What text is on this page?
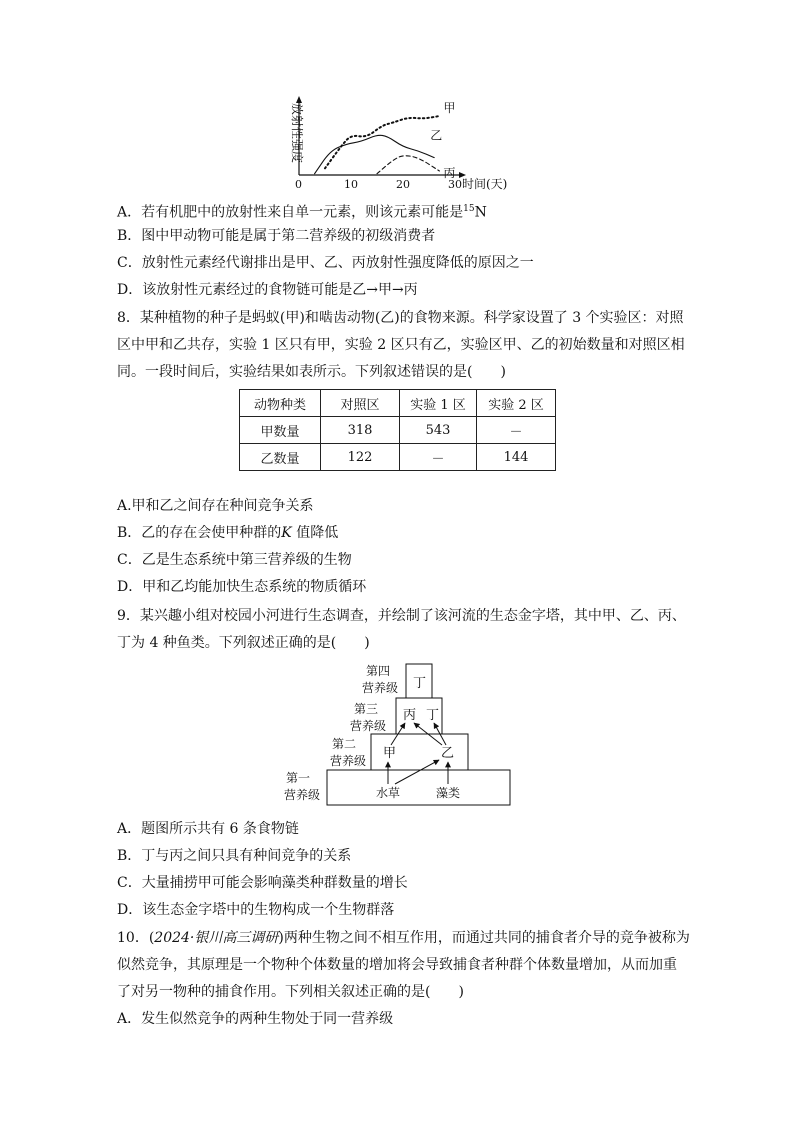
放射性强度
时间(天)
0	10	20	30
甲
乙
丙
A．若有机肥中的放射性来自单一元素，则该元素可能是$^{15}$N
B．图中甲动物可能是属于第二营养级的初级消费者
C．放射性元素经代谢排出是甲、乙、丙放射性强度降低的原因之一
D．该放射性元素经过的食物链可能是乙→甲→丙
8．某种植物的种子是蚂蚁(甲)和啮齿动物(乙)的食物来源。科学家设置了 3 个实验区：对照
区中甲和乙共存，实验 1 区只有甲，实验 2 区只有乙，实验区甲、乙的初始数量和对照区相
同。一段时间后，实验结果如表所示。下列叙述错误的是(　　)
动物种类	对照区	实验 1 区	实验 2 区
甲数量	318	543	－
乙数量	122	－	144
A.甲和乙之间存在种间竞争关系
B．乙的存在会使甲种群的K 值降低
C．乙是生态系统中第三营养级的生物
D．甲和乙均能加快生态系统的物质循环
9．某兴趣小组对校园小河进行生态调查，并绘制了该河流的生态金字塔，其中甲、乙、丙、
丁为 4 种鱼类。下列叙述正确的是(　　)
第四
营养级
第三
营养级
第二
营养级
第一
营养级
丁
丙 丁
甲	乙
水草	藻类
A．题图所示共有 6 条食物链
B．丁与丙之间只具有种间竞争的关系
C．大量捕捞甲可能会影响藻类种群数量的增长
D．该生态金字塔中的生物构成一个生物群落
10．(2024·银川高三调研)两种生物之间不相互作用，而通过共同的捕食者介导的竞争被称为
似然竞争，其原理是一个物种个体数量的增加将会导致捕食者种群个体数量增加，从而加重
了对另一物种的捕食作用。下列相关叙述正确的是(　　)
A．发生似然竞争的两种生物处于同一营养级
